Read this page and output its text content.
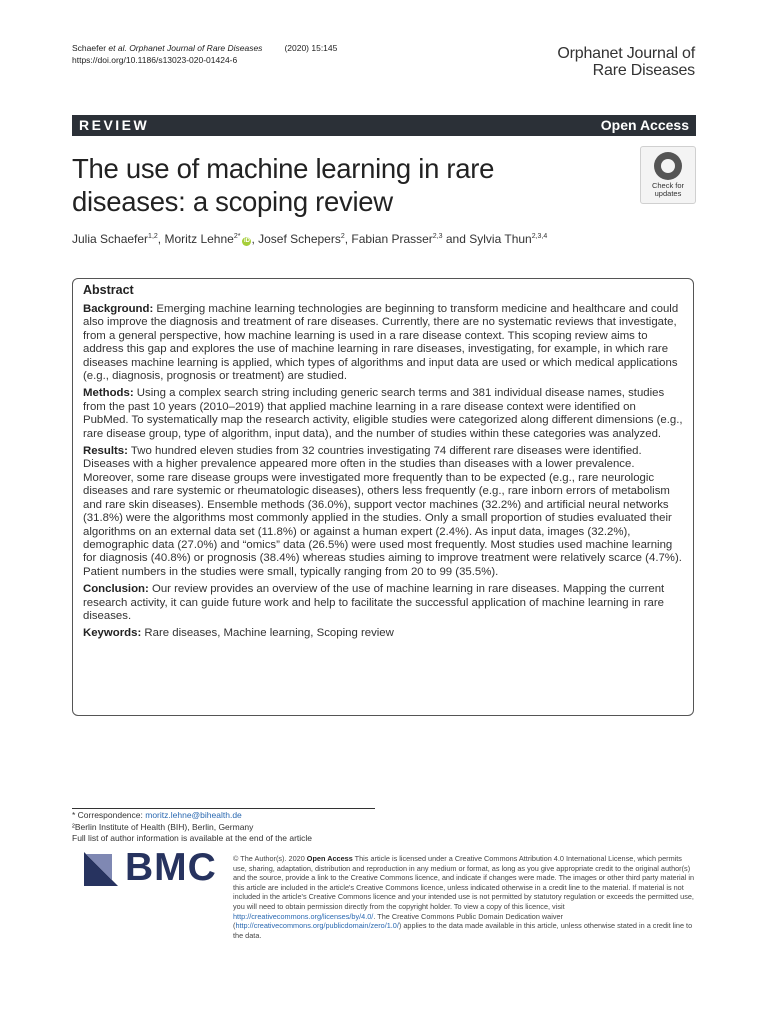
Schaefer et al. Orphanet Journal of Rare Diseases	(2020) 15:145
https://doi.org/10.1186/s13023-020-01424-6	Orphanet Journal of
Rare Diseases
REVIEW	Open Access
The use of machine learning in rare
diseases: a scoping review
Check for
updates
Julia Schaefer$^{1,2}$, Moritz Lehne$^{2*}$iD , Josef Schepers$^2$, Fabian Prasser$^{2,3}$ and Sylvia Thun$^{2,3,4}$
Abstract

Background: Emerging machine learning technologies are beginning to transform medicine and healthcare and could also improve the diagnosis and treatment of rare diseases. Currently, there are no systematic reviews that investigate, from a general perspective, how machine learning is used in a rare disease context. This scoping review aims to address this gap and explores the use of machine learning in rare diseases, investigating, for example, in which rare diseases machine learning is applied, which types of algorithms and input data are used or which medical applications (e.g., diagnosis, prognosis or treatment) are studied.

Methods: Using a complex search string including generic search terms and 381 individual disease names, studies from the past 10 years (2010–2019) that applied machine learning in a rare disease context were identified on PubMed. To systematically map the research activity, eligible studies were categorized along different dimensions (e.g., rare disease group, type of algorithm, input data), and the number of studies within these categories was analyzed.

Results: Two hundred eleven studies from 32 countries investigating 74 different rare diseases were identified. Diseases with a higher prevalence appeared more often in the studies than diseases with a lower prevalence. Moreover, some rare disease groups were investigated more frequently than to be expected (e.g., rare neurologic diseases and rare systemic or rheumatologic diseases), others less frequently (e.g., rare inborn errors of metabolism and rare skin diseases). Ensemble methods (36.0%), support vector machines (32.2%) and artificial neural networks (31.8%) were the algorithms most commonly applied in the studies. Only a small proportion of studies evaluated their algorithms on an external data set (11.8%) or against a human expert (2.4%). As input data, images (32.2%), demographic data (27.0%) and “omics” data (26.5%) were used most frequently. Most studies used machine learning for diagnosis (40.8%) or prognosis (38.4%) whereas studies aiming to improve treatment were relatively scarce (4.7%). Patient numbers in the studies were small, typically ranging from 20 to 99 (35.5%).

Conclusion: Our review provides an overview of the use of machine learning in rare diseases. Mapping the current research activity, it can guide future work and help to facilitate the successful application of machine learning in rare diseases.

Keywords: Rare diseases, Machine learning, Scoping review

* Correspondence: moritz.lehne@bihealth.de
²Berlin Institute of Health (BIH), Berlin, Germany
Full list of author information is available at the end of the article
BMC © The Author(s). 2020 Open Access This article is licensed under a Creative Commons Attribution 4.0 International License, which permits use, sharing, adaptation, distribution and reproduction in any medium or format, as long as you give appropriate credit to the original author(s) and the source, provide a link to the Creative Commons licence, and indicate if changes were made. The images or other third party material in this article are included in the article's Creative Commons licence, unless indicated otherwise in a credit line to the material. If material is not included in the article's Creative Commons licence and your intended use is not permitted by statutory regulation or exceeds the permitted use, you will need to obtain permission directly from the copyright holder. To view a copy of this licence, visit http://creativecommons.org/licenses/by/4.0/. The Creative Commons Public Domain Dedication waiver (http://creativecommons.org/publicdomain/zero/1.0/) applies to the data made available in this article, unless otherwise stated in a credit line to the data.
